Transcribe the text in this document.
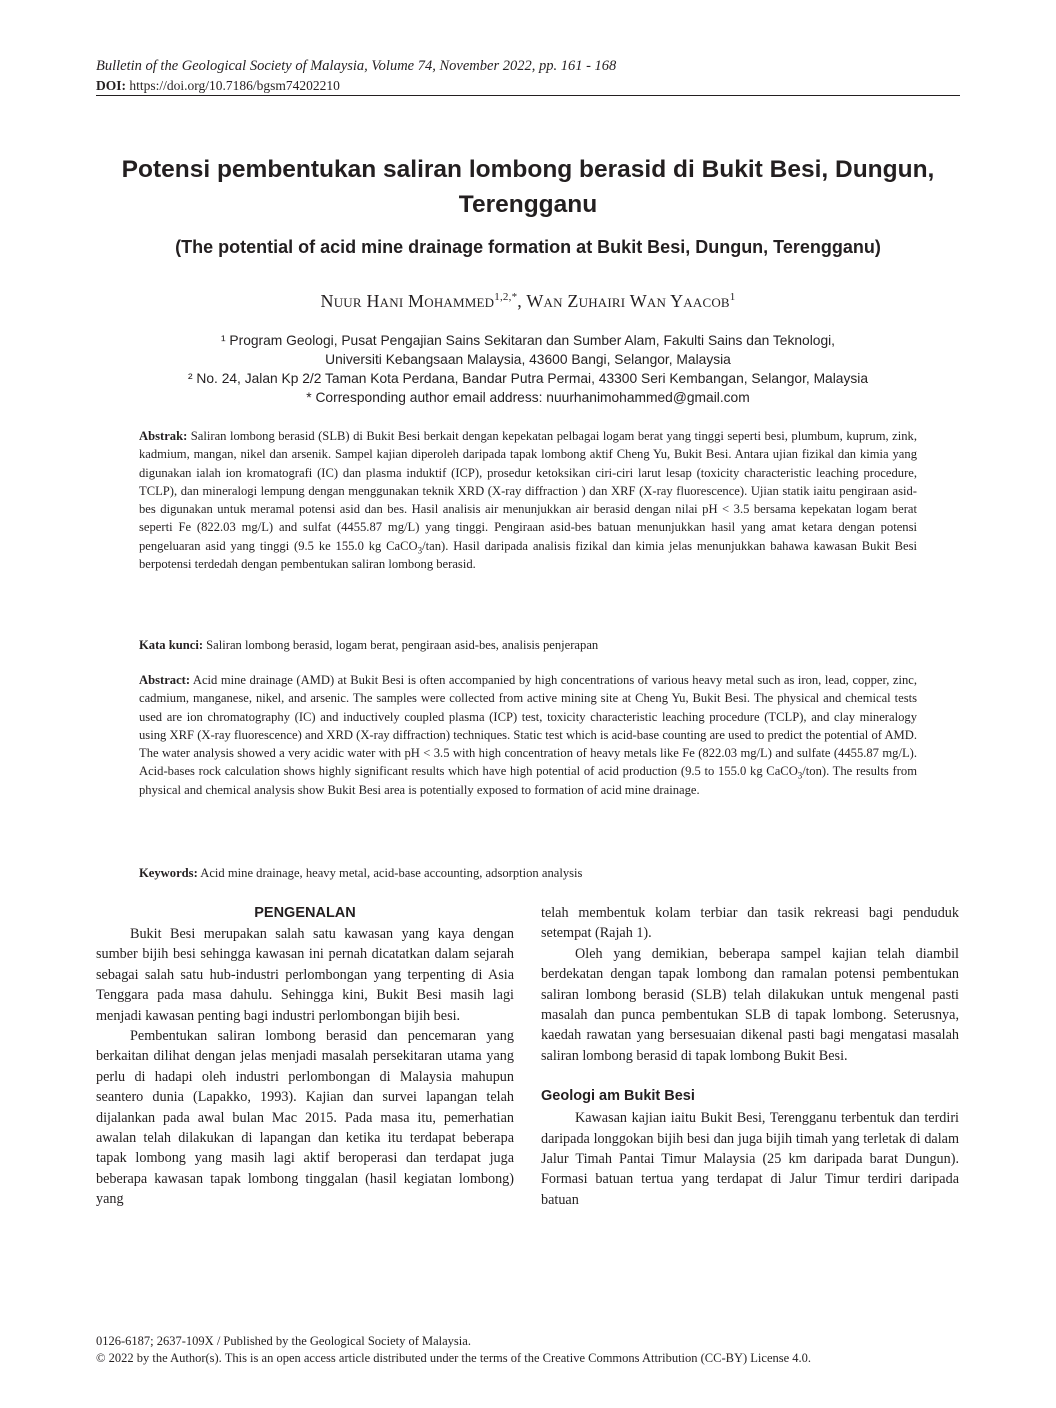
Bulletin of the Geological Society of Malaysia, Volume 74, November 2022, pp. 161 - 168
DOI: https://doi.org/10.7186/bgsm74202210
Potensi pembentukan saliran lombong berasid di Bukit Besi, Dungun, Terengganu
(The potential of acid mine drainage formation at Bukit Besi, Dungun, Terengganu)
Nuur Hani Mohammed$^{1,2,*}$, Wan Zuhairi Wan Yaacob$^1$
¹ Program Geologi, Pusat Pengajian Sains Sekitaran dan Sumber Alam, Fakulti Sains dan Teknologi,
Universiti Kebangsaan Malaysia, 43600 Bangi, Selangor, Malaysia
² No. 24, Jalan Kp 2/2 Taman Kota Perdana, Bandar Putra Permai, 43300 Seri Kembangan, Selangor, Malaysia
* Corresponding author email address: nuurhanimohammed@gmail.com

Abstrak: Saliran lombong berasid (SLB) di Bukit Besi berkait dengan kepekatan pelbagai logam berat yang tinggi seperti besi, plumbum, kuprum, zink, kadmium, mangan, nikel dan arsenik. Sampel kajian diperoleh daripada tapak lombong aktif Cheng Yu, Bukit Besi. Antara ujian fizikal dan kimia yang digunakan ialah ion kromatografi (IC) dan plasma induktif (ICP), prosedur ketoksikan ciri-ciri larut lesap (toxicity characteristic leaching procedure, TCLP), dan mineralogi lempung dengan menggunakan teknik XRD (X-ray diffraction ) dan XRF (X-ray fluorescence). Ujian statik iaitu pengiraan asid-bes digunakan untuk meramal potensi asid dan bes. Hasil analisis air menunjukkan air berasid dengan nilai pH < 3.5 bersama kepekatan logam berat seperti Fe (822.03 mg/L) and sulfat (4455.87 mg/L) yang tinggi. Pengiraan asid-bes batuan menunjukkan hasil yang amat ketara dengan potensi pengeluaran asid yang tinggi (9.5 ke 155.0 kg CaCO$_3$/tan). Hasil daripada analisis fizikal dan kimia jelas menunjukkan bahawa kawasan Bukit Besi berpotensi terdedah dengan pembentukan saliran lombong berasid.

Kata kunci: Saliran lombong berasid, logam berat, pengiraan asid-bes, analisis penjerapan

Abstract: Acid mine drainage (AMD) at Bukit Besi is often accompanied by high concentrations of various heavy metal such as iron, lead, copper, zinc, cadmium, manganese, nikel, and arsenic. The samples were collected from active mining site at Cheng Yu, Bukit Besi. The physical and chemical tests used are ion chromatography (IC) and inductively coupled plasma (ICP) test, toxicity characteristic leaching procedure (TCLP), and clay mineralogy using XRF (X-ray fluorescence) and XRD (X-ray diffraction) techniques. Static test which is acid-base counting are used to predict the potential of AMD. The water analysis showed a very acidic water with pH < 3.5 with high concentration of heavy metals like Fe (822.03 mg/L) and sulfate (4455.87 mg/L). Acid-bases rock calculation shows highly significant results which have high potential of acid production (9.5 to 155.0 kg CaCO$_3$/ton). The results from physical and chemical analysis show Bukit Besi area is potentially exposed to formation of acid mine drainage.

Keywords: Acid mine drainage, heavy metal, acid-base accounting, adsorption analysis

PENGENALAN

Bukit Besi merupakan salah satu kawasan yang kaya dengan sumber bijih besi sehingga kawasan ini pernah dicatatkan dalam sejarah sebagai salah satu hub-industri perlombongan yang terpenting di Asia Tenggara pada masa dahulu. Sehingga kini, Bukit Besi masih lagi menjadi kawasan penting bagi industri perlombongan bijih besi.

Pembentukan saliran lombong berasid dan pencemaran yang berkaitan dilihat dengan jelas menjadi masalah persekitaran utama yang perlu di hadapi oleh industri perlombongan di Malaysia mahupun seantero dunia (Lapakko, 1993). Kajian dan survei lapangan telah dijalankan pada awal bulan Mac 2015. Pada masa itu, pemerhatian awalan telah dilakukan di lapangan dan ketika itu terdapat beberapa tapak lombong yang masih lagi aktif beroperasi dan terdapat juga beberapa kawasan tapak lombong tinggalan (hasil kegiatan lombong) yang

telah membentuk kolam terbiar dan tasik rekreasi bagi penduduk setempat (Rajah 1).

Oleh yang demikian, beberapa sampel kajian telah diambil berdekatan dengan tapak lombong dan ramalan potensi pembentukan saliran lombong berasid (SLB) telah dilakukan untuk mengenal pasti masalah dan punca pembentukan SLB di tapak lombong. Seterusnya, kaedah rawatan yang bersesuaian dikenal pasti bagi mengatasi masalah saliran lombong berasid di tapak lombong Bukit Besi.

Geologi am Bukit Besi

Kawasan kajian iaitu Bukit Besi, Terengganu terbentuk dan terdiri daripada longgokan bijih besi dan juga bijih timah yang terletak di dalam Jalur Timah Pantai Timur Malaysia (25 km daripada barat Dungun). Formasi batuan tertua yang terdapat di Jalur Timur terdiri daripada batuan

0126-6187; 2637-109X / Published by the Geological Society of Malaysia.
© 2022 by the Author(s). This is an open access article distributed under the terms of the Creative Commons Attribution (CC-BY) License 4.0.
